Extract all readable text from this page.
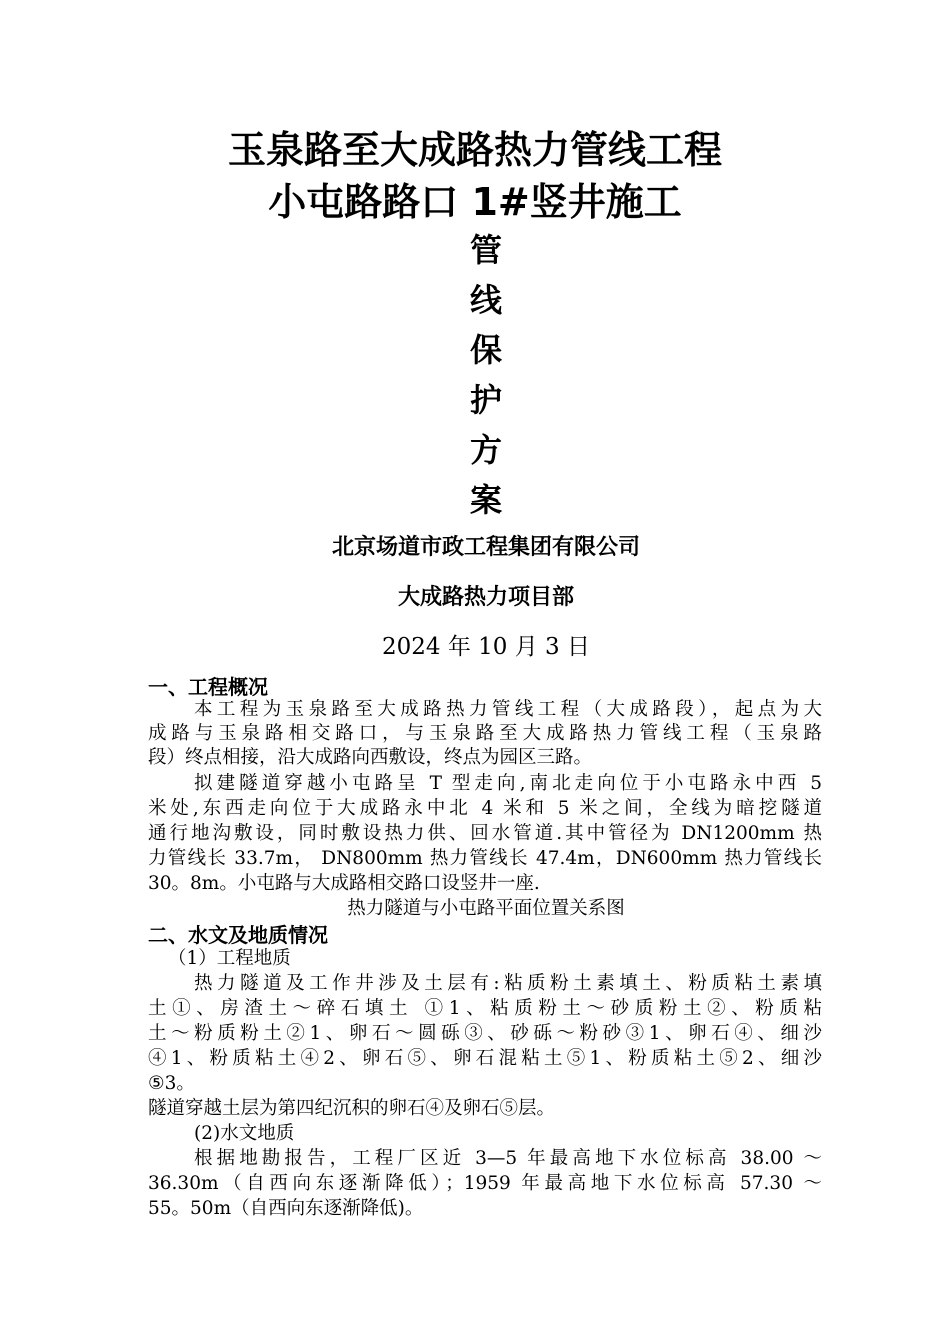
玉泉路至大成路热力管线工程
小屯路路口 1#竖井施工
管
线
保
护
方
案
北京场道市政工程集团有限公司
大成路热力项目部
2024 年 10 月 3 日
一、工程概况
本工程为玉泉路至大成路热力管线工程（大成路段），起点为大
成路与玉泉路相交路口，与玉泉路至大成路热力管线工程（玉泉路
段）终点相接，沿大成路向西敷设，终点为园区三路。
拟建隧道穿越小屯路呈 T 型走向,南北走向位于小屯路永中西 5
米处,东西走向位于大成路永中北 4 米和 5 米之间，全线为暗挖隧道
通行地沟敷设，同时敷设热力供、回水管道.其中管径为 DN1200mm 热
力管线长 33.7m， DN800mm 热力管线长 47.4m，DN600mm 热力管线长
30。8m。小屯路与大成路相交路口设竖井一座.
热力隧道与小屯路平面位置关系图
二、水文及地质情况
（1）工程地质
热力隧道及工作井涉及土层有:粘质粉土素填土、粉质粘土素填
土①、房渣土～碎石填土 ①1、粘质粉土～砂质粉土②、粉质粘
土～粉质粉土②1、卵石～圆砾③、砂砾～粉砂③1、卵石④、细沙
④1、粉质粘土④2、卵石⑤、卵石混粘土⑤1、粉质粘土⑤2、细沙
⑤3。
隧道穿越土层为第四纪沉积的卵石④及卵石⑤层。
(2)水文地质
根据地勘报告，工程厂区近 3—5 年最高地下水位标高 38.00 ～
36.30m（自西向东逐渐降低）；1959 年最高地下水位标高 57.30 ～
55。50m（自西向东逐渐降低)。
